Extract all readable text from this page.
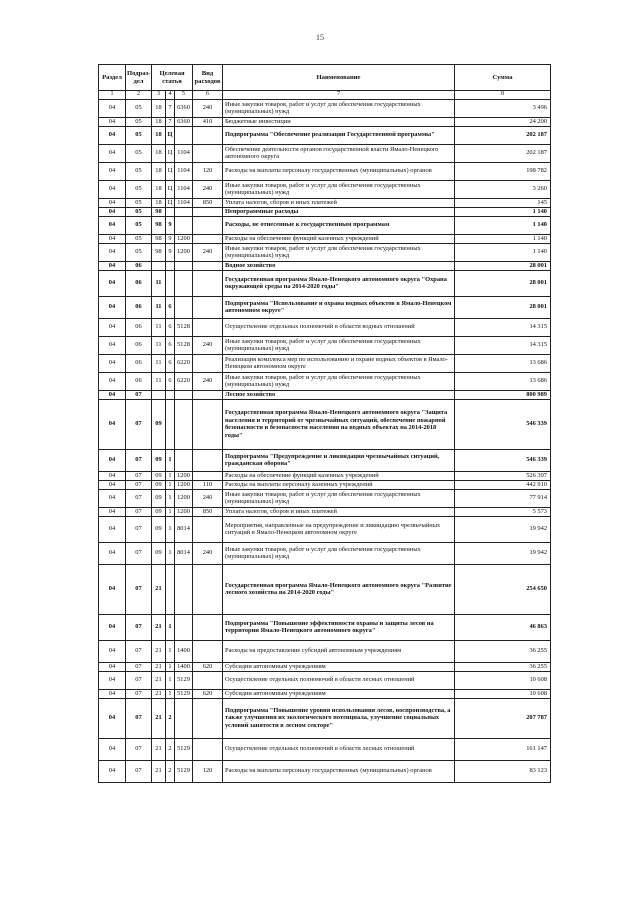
15
Раздел	Подраз-дел	Целевая статья			Вид расходов	Наименование	Сумма
1	2	3	4	5	6	7	8
04	05	18	7	6360	240	Иные закупки товаров, работ и услуг для обеспечения государственных (муниципальных) нужд	3 496
04	05	18	7	6360	410	Бюджетные инвестиции	24 200
04	05	18	Ц			Подпрограмма "Обеспечение реализации Государственной программы"	202 187
04	05	18	Ц	1104		Обеспечение деятельности органов государственной власти Ямало-Ненецкого автономного округа	202 187
04	05	18	Ц	1104	120	Расходы на выплаты персоналу государственных (муниципальных) органов	198 782
04	05	18	Ц	1104	240	Иные закупки товаров, работ и услуг для обеспечения государственных (муниципальных) нужд	3 260
04	05	18	Ц	1104	850	Уплата налогов, сборов и иных платежей	145
04	05	98				Непрограммные расходы	1 140
04	05	98	9			Расходы, не отнесенные к государственным программам	1 140
04	05	98	9	1200		Расходы на обеспечение функций казенных учреждений	1 140
04	05	98	9	1200	240	Иные закупки товаров, работ и услуг для обеспечения государственных (муниципальных) нужд	1 140
04	06					Водное хозяйство	28 001
04	06	11				Государственная программа Ямало-Ненецкого автономного округа "Охрана окружающей среды на 2014-2020 годы"	28 001
04	06	11	6			Подпрограмма "Использование и охрана водных объектов в Ямало-Ненецком автономном округе"	28 001
04	06	11	6	5128		Осуществление отдельных полномочий в области водных отношений	14 315
04	06	11	6	5128	240	Иные закупки товаров, работ и услуг для обеспечения государственных (муниципальных) нужд	14 315
04	06	11	6	6220		Реализация комплекса мер по использованию и охране водных объектов в Ямало-Ненецком автономном округе	13 686
04	06	11	6	6220	240	Иные закупки товаров, работ и услуг для обеспечения государственных (муниципальных) нужд	13 686
04	07					Лесное хозяйство	800 989
04	07	09				Государственная программа Ямало-Ненецкого автономного округа "Защита населения и территорий от чрезвычайных ситуаций, обеспечение пожарной безопасности и безопасности населения на водных объектах на 2014-2018 годы"	546 339
04	07	09	1			Подпрограмма "Предупреждение и ликвидация чрезвычайных ситуаций, гражданская оборона"	546 339
04	07	09	1	1200		Расходы на обеспечение функций казенных учреждений	526 397
04	07	09	1	1200	110	Расходы на выплаты персоналу казенных учреждений	442 910
04	07	09	1	1200	240	Иные закупки товаров, работ и услуг для обеспечения государственных (муниципальных) нужд	77 914
04	07	09	1	1200	850	Уплата налогов, сборов и иных платежей	5 573
04	07	09	1	8014		Мероприятия, направленные на предупреждение и ликвидацию чрезвычайных ситуаций в Ямало-Ненецком автономном округе	19 942
04	07	09	1	8014	240	Иные закупки товаров, работ и услуг для обеспечения государственных (муниципальных) нужд	19 942
04	07	21				Государственная программа Ямало-Ненецкого автономного округа "Развитие лесного хозяйства на 2014-2020 годы"	254 650
04	07	21	1			Подпрограмма "Повышение эффективности охраны и защиты лесов на территории Ямало-Ненецкого автономного округа"	46 863
04	07	21	1	1400		Расходы на предоставление субсидий автономным учреждениям	36 255
04	07	21	1	1400	620	Субсидии автономным учреждениям	36 255
04	07	21	1	5129		Осуществление отдельных полномочий в области лесных отношений	10 608
04	07	21	1	5129	620	Субсидии автономным учреждениям	10 608
04	07	21	2			Подпрограмма "Повышение уровня использования лесов, воспроизводства, а также улучшения их экологического потенциала, улучшение социальных условий занятости в лесном секторе"	207 787
04	07	21	2	5129		Осуществление отдельных полномочий в области лесных отношений	161 147
04	07	21	2	5129	120	Расходы на выплаты персоналу государственных (муниципальных) органов	83 123
